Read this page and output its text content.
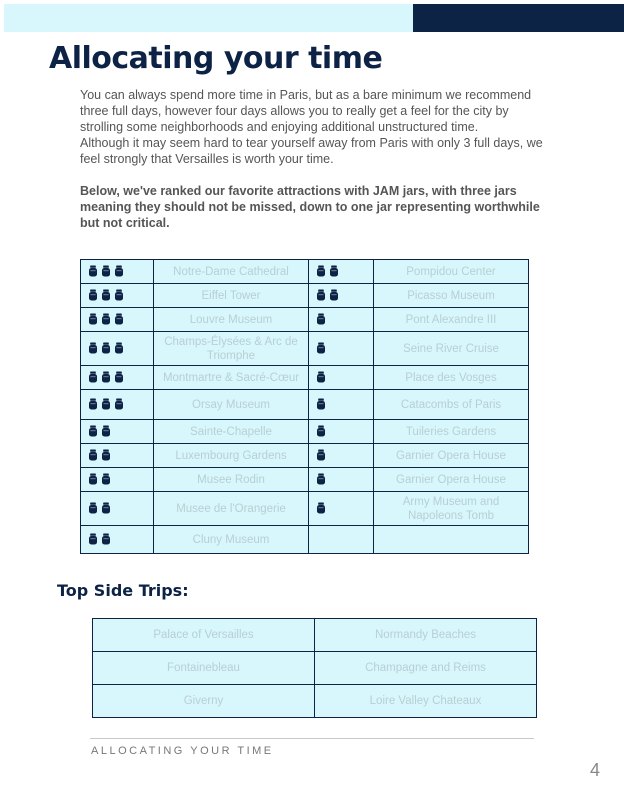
Allocating your time

You can always spend more time in Paris, but as a bare minimum we recommend three full days, however four days allows you to really get a feel for the city by strolling some neighborhoods and enjoying additional unstructured time.

Although it may seem hard to tear yourself away from Paris with only 3 full days, we feel strongly that Versailles is worth your time.

Below, we've ranked our favorite attractions with JAM jars, with three jars meaning they should not be missed, down to one jar representing worthwhile but not critical.

	Notre-Dame Cathedral		Pompidou Center

	Eiffel Tower		Picasso Museum

	Louvre Museum		Pont Alexandre III

	Champs-Élysées & Arc de Triomphe		Seine River Cruise

	Montmartre & Sacré-Cœur		Place des Vosges

	Orsay Museum		Catacombs of Paris

	Sainte-Chapelle		Tuileries Gardens

	Luxembourg Gardens		Garnier Opera House

	Musee Rodin		Garnier Opera House

	Musee de l'Orangerie		Army Museum and Napoleons Tomb

	Cluny Museum		
Top Side Trips:
Palace of Versailles	Normandy Beaches
Fontainebleau	Champagne and Reims
Giverny	Loire Valley Chateaux
ALLOCATING YOUR TIME
4
